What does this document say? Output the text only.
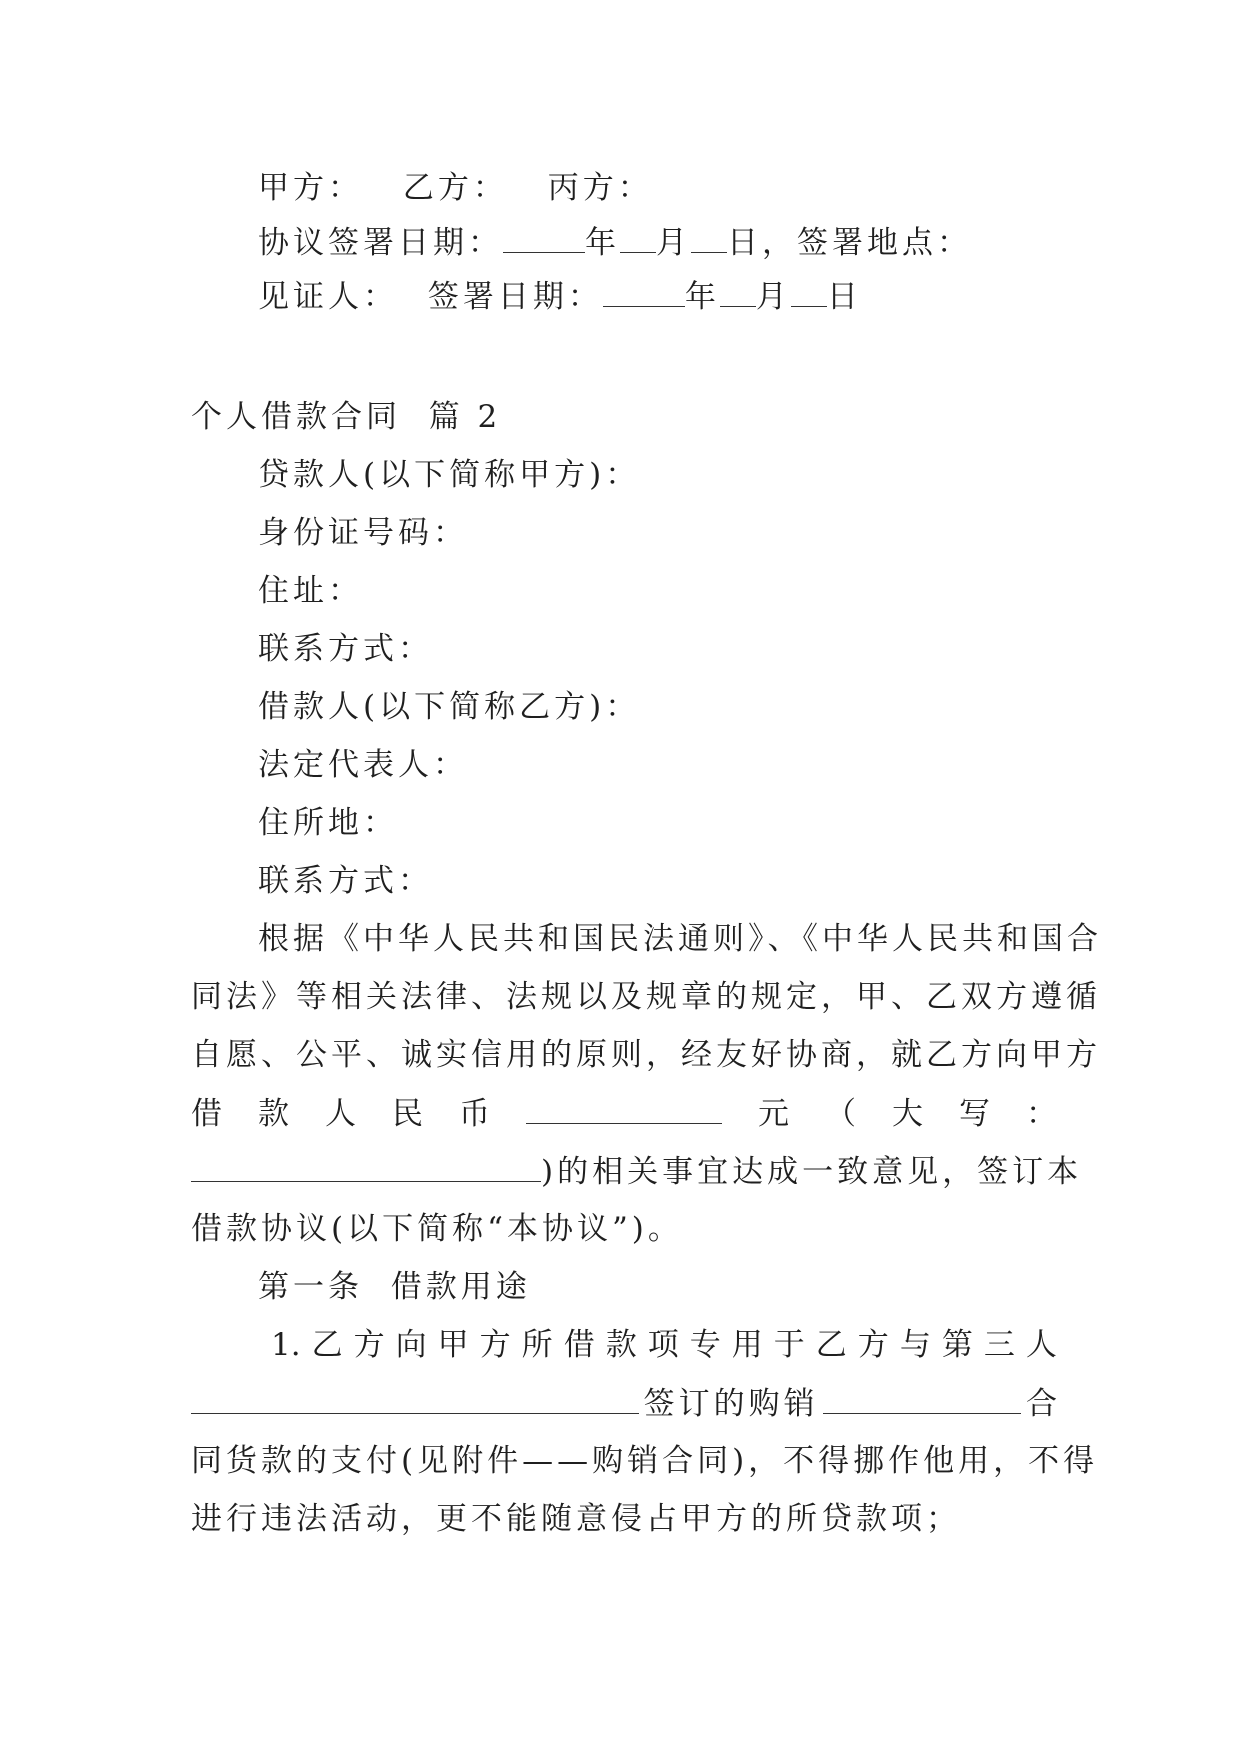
甲方： 乙方： 丙方：
协议签署日期：	年 月 日，签署地点：
见证人： 签署日期：	年 月 日
个人借款合同  篇 2
贷款人(以下简称甲方)：
身份证号码：
住址：
联系方式：
借款人(以下简称乙方)：
法定代表人：
住所地：
联系方式：
根据《中华人民共和国民法通则》、《中华人民共和国合
同法》等相关法律、法规以及规章的规定，甲、乙双方遵循
自愿、公平、诚实信用的原则，经友好协商，就乙方向甲方
借 款 人 民 币	元 （ 大 写 ：
)的相关事宜达成一致意见，签订本
借款协议(以下简称“本协议”)。
第一条  借款用途
1. 乙 方 向 甲 方 所 借 款 项 专 用 于 乙 方 与 第 三 人
签订的购销	合
同货款的支付(见附件——购销合同)，不得挪作他用，不得
进行违法活动，更不能随意侵占甲方的所贷款项；
